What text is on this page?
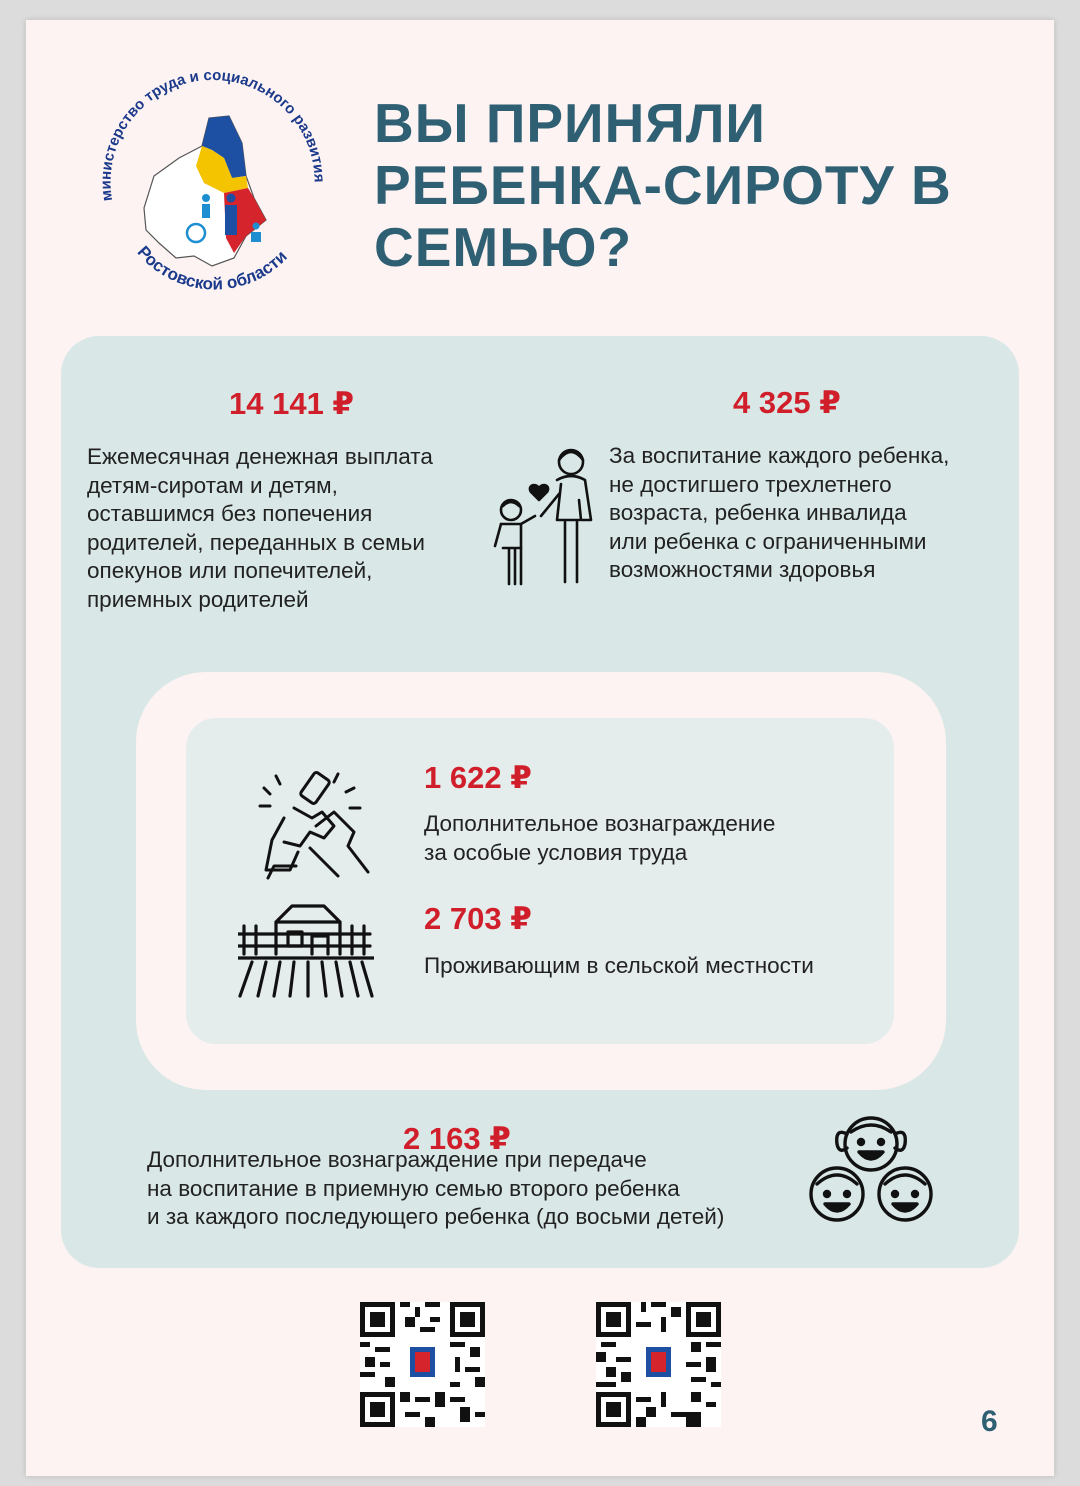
министерство труда и социального развития
Ростовской области
ВЫ ПРИНЯЛИ
РЕБЕНКА-СИРОТУ В
СЕМЬЮ?
14 141 ₽
Ежемесячная денежная выплата
детям-сиротам и детям,
оставшимся без попечения
родителей, переданных в семьи
опекунов или попечителей,
приемных родителей
4 325 ₽
За воспитание каждого ребенка,
не достигшего трехлетнего
возраста, ребенка инвалида
или ребенка с ограниченными
возможностями здоровья
1 622 ₽
Дополнительное вознаграждение
за особые условия труда
2 703 ₽
Проживающим в сельской местности
2 163 ₽
Дополнительное вознаграждение при передаче
на воспитание в приемную семью второго ребенка
и за каждого последующего ребенка (до восьми детей)
6
